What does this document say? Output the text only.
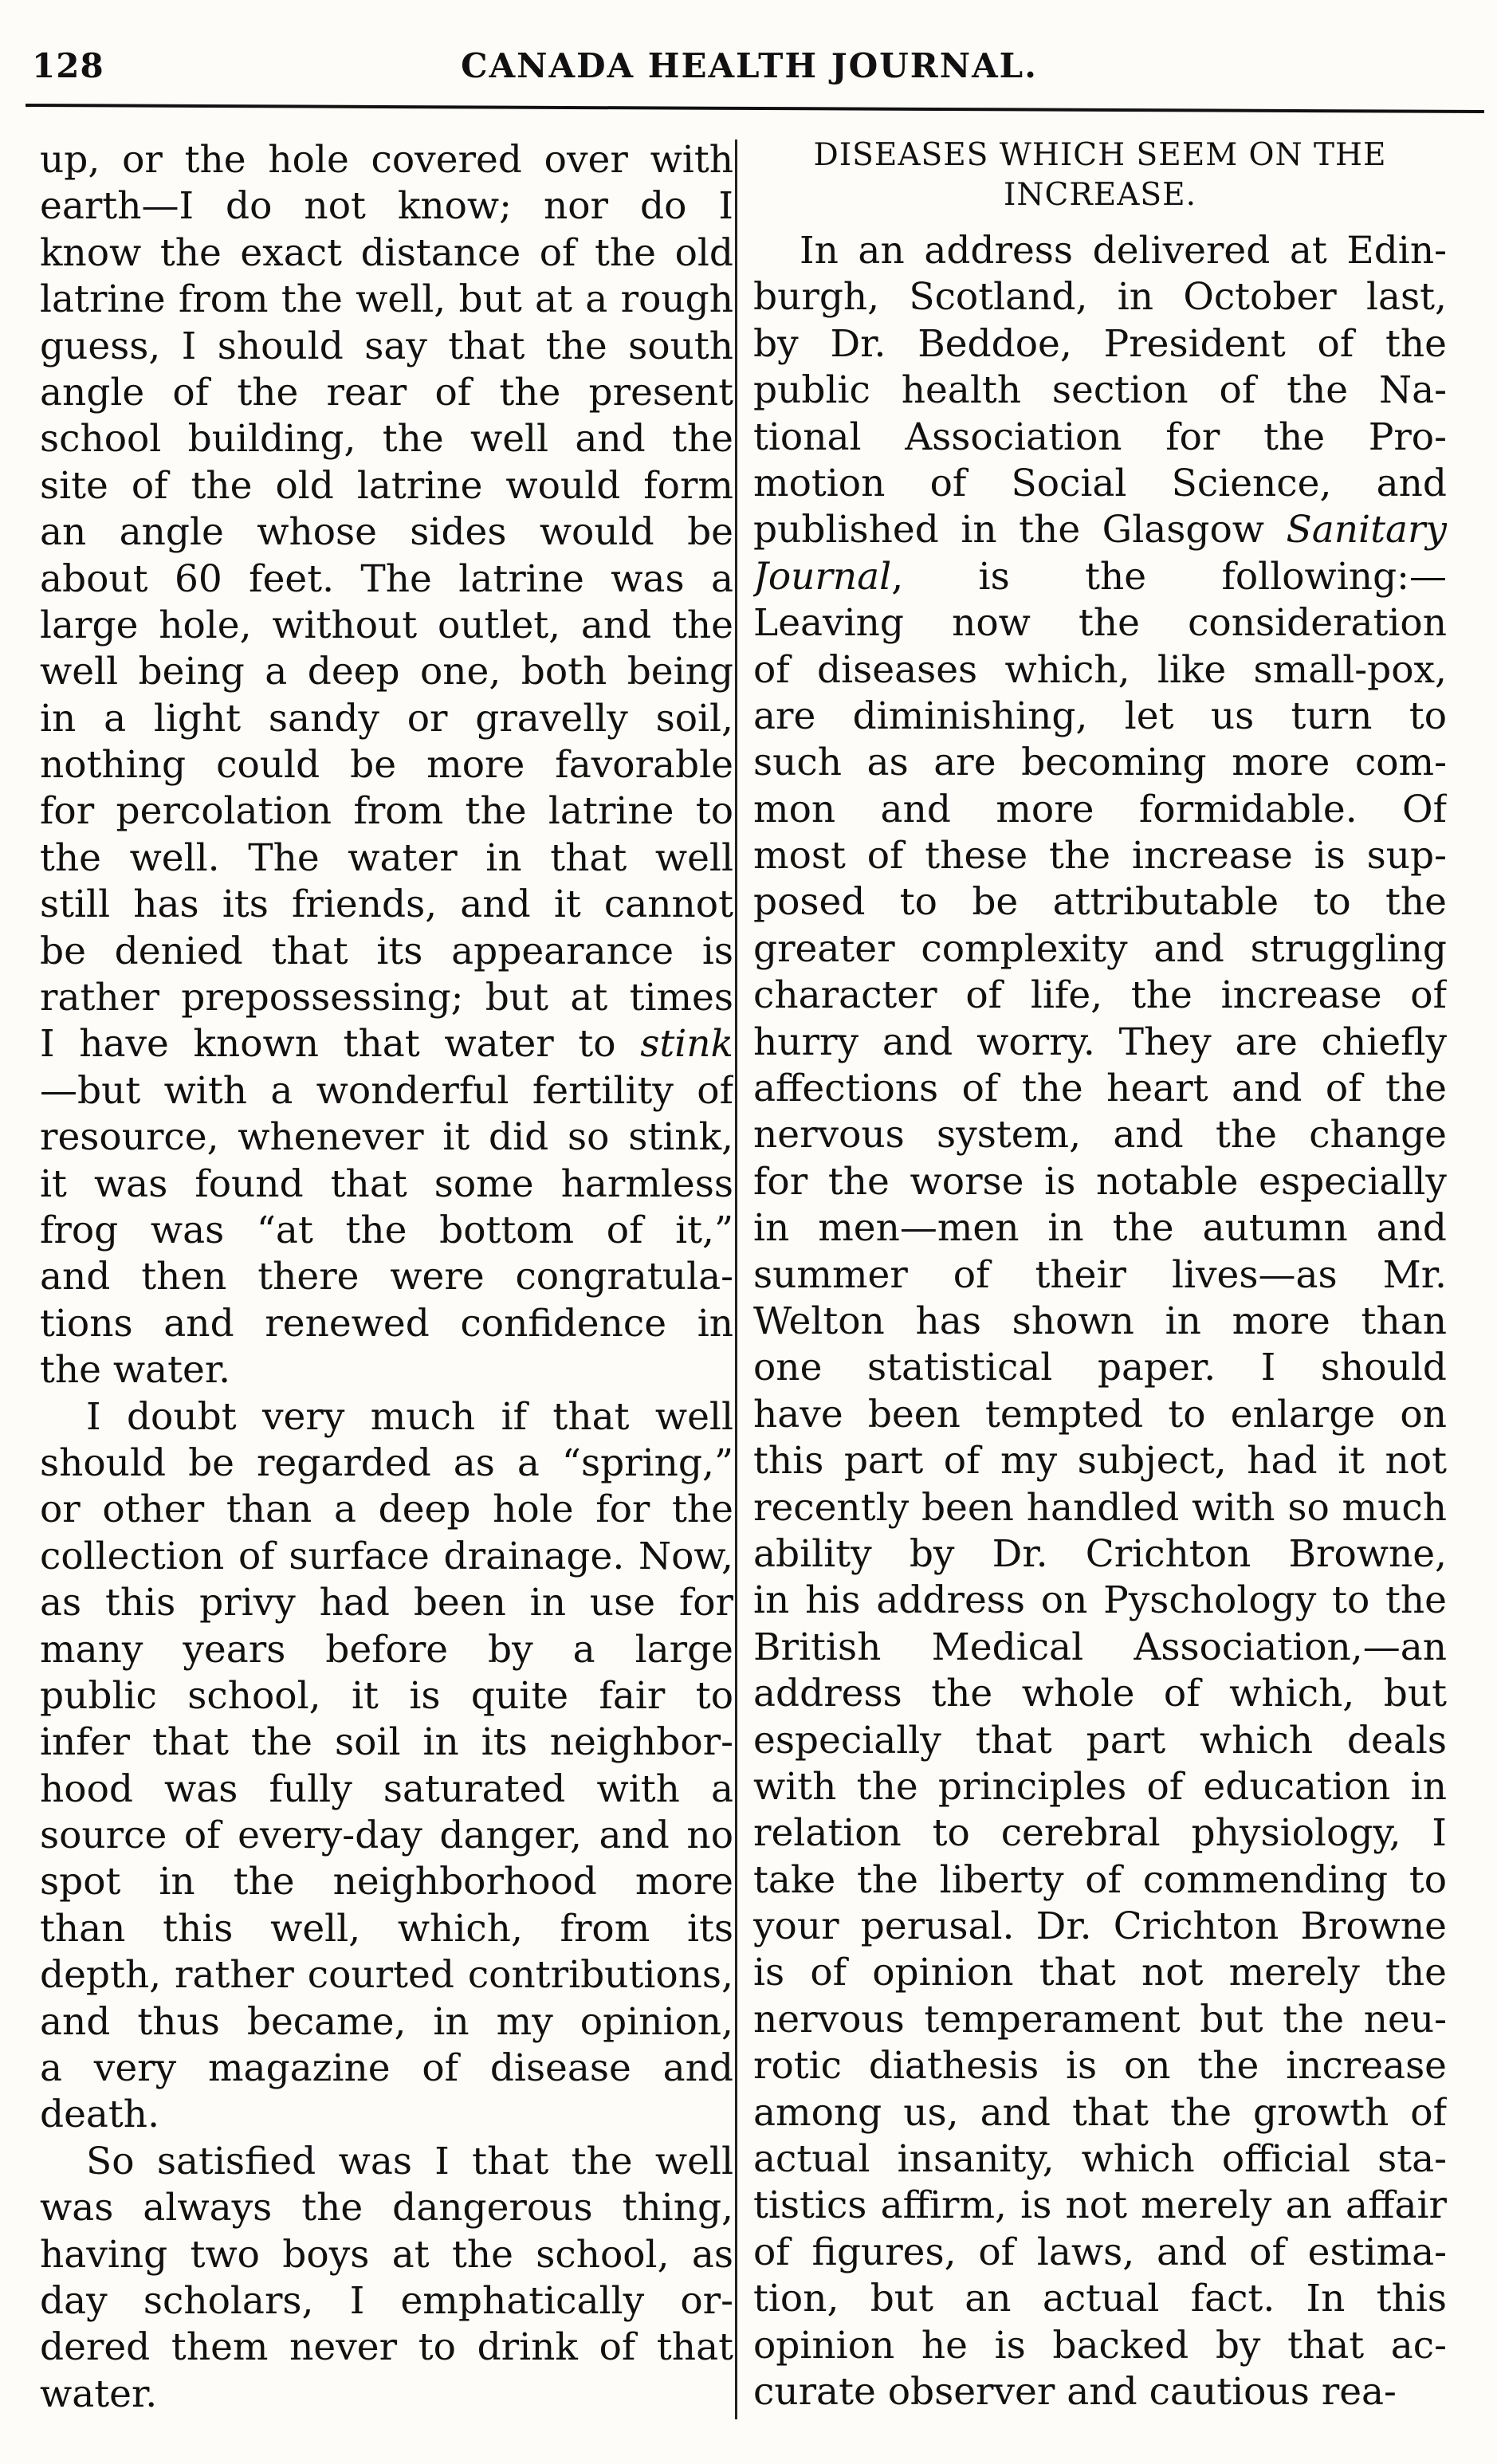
128	CANADA HEALTH JOURNAL.
up, or the hole covered over with
earth—I do not know; nor do I
know the exact distance of the old
latrine from the well, but at a rough
guess, I should say that the south
angle of the rear of the present
school building, the well and the
site of the old latrine would form
an angle whose sides would be
about 60 feet. The latrine was a
large hole, without outlet, and the
well being a deep one, both being
in a light sandy or gravelly soil,
nothing could be more favorable
for percolation from the latrine to
the well. The water in that well
still has its friends, and it cannot
be denied that its appearance is
rather prepossessing; but at times
I have known that water to stink
—but with a wonderful fertility of
resource, whenever it did so stink,
it was found that some harmless
frog was “at the bottom of it,”
and then there were congratula-
tions and renewed confidence in
the water.
I doubt very much if that well
should be regarded as a “spring,”
or other than a deep hole for the
collection of surface drainage. Now,
as this privy had been in use for
many years before by a large
public school, it is quite fair to
infer that the soil in its neighbor-
hood was fully saturated with a
source of every-day danger, and no
spot in the neighborhood more
than this well, which, from its
depth, rather courted contributions,
and thus became, in my opinion,
a very magazine of disease and
death.
So satisfied was I that the well
was always the dangerous thing,
having two boys at the school, as
day scholars, I emphatically or-
dered them never to drink of that
water.
DISEASES WHICH SEEM ON THE
INCREASE.
In an address delivered at Edin-
burgh, Scotland, in October last,
by Dr. Beddoe, President of the
public health section of the Na-
tional Association for the Pro-
motion of Social Science, and
published in the Glasgow Sanitary
Journal, is the following:—
Leaving now the consideration
of diseases which, like small-pox,
are diminishing, let us turn to
such as are becoming more com-
mon and more formidable. Of
most of these the increase is sup-
posed to be attributable to the
greater complexity and struggling
character of life, the increase of
hurry and worry. They are chiefly
affections of the heart and of the
nervous system, and the change
for the worse is notable especially
in men—men in the autumn and
summer of their lives—as Mr.
Welton has shown in more than
one statistical paper. I should
have been tempted to enlarge on
this part of my subject, had it not
recently been handled with so much
ability by Dr. Crichton Browne,
in his address on Pyschology to the
British Medical Association,—an
address the whole of which, but
especially that part which deals
with the principles of education in
relation to cerebral physiology, I
take the liberty of commending to
your perusal. Dr. Crichton Browne
is of opinion that not merely the
nervous temperament but the neu-
rotic diathesis is on the increase
among us, and that the growth of
actual insanity, which official sta-
tistics affirm, is not merely an affair
of figures, of laws, and of estima-
tion, but an actual fact. In this
opinion he is backed by that ac-
curate observer and cautious rea-
